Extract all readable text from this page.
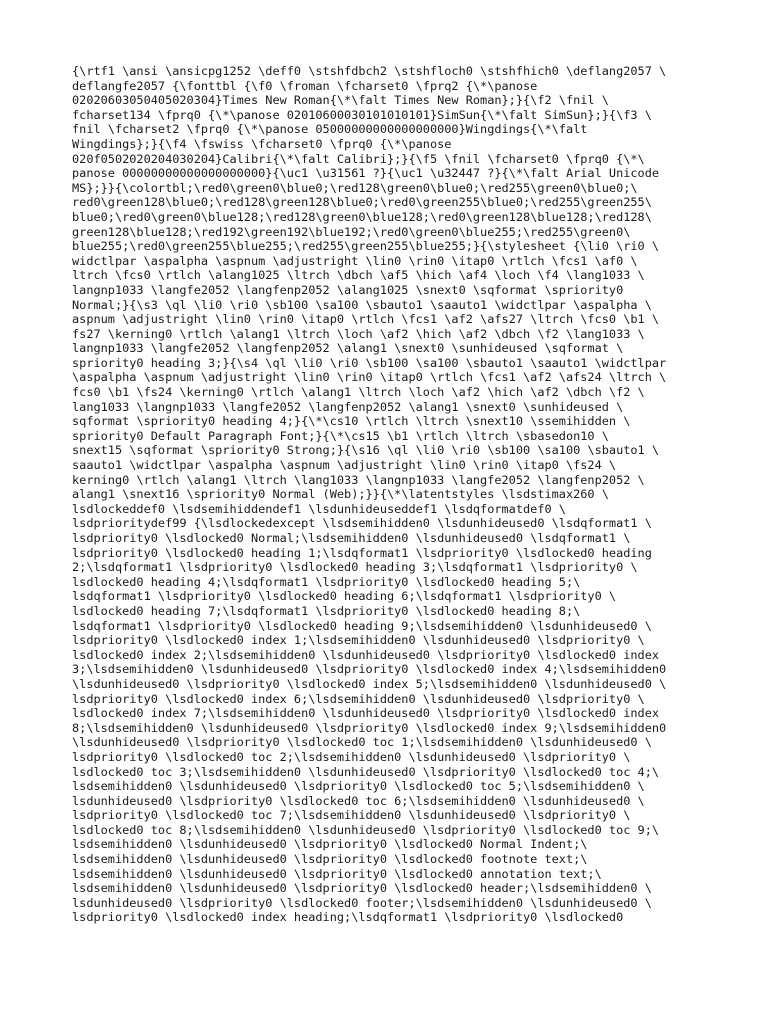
{\rtf1 \ansi \ansicpg1252 \deff0 \stshfdbch2 \stshfloch0 \stshfhich0 \deflang2057 \
deflangfe2057 {\fonttbl {\f0 \froman \fcharset0 \fprq2 {\*\panose
02020603050405020304}Times New Roman{\*\falt Times New Roman};}{\f2 \fnil \
fcharset134 \fprq0 {\*\panose 02010600030101010101}SimSun{\*\falt SimSun};}{\f3 \
fnil \fcharset2 \fprq0 {\*\panose 05000000000000000000}Wingdings{\*\falt
Wingdings};}{\f4 \fswiss \fcharset0 \fprq0 {\*\panose
020f0502020204030204}Calibri{\*\falt Calibri};}{\f5 \fnil \fcharset0 \fprq0 {\*\
panose 00000000000000000000}{\uc1 \u31561 ?}{\uc1 \u32447 ?}{\*\falt Arial Unicode
MS};}}{\colortbl;\red0\green0\blue0;\red128\green0\blue0;\red255\green0\blue0;\
red0\green128\blue0;\red128\green128\blue0;\red0\green255\blue0;\red255\green255\
blue0;\red0\green0\blue128;\red128\green0\blue128;\red0\green128\blue128;\red128\
green128\blue128;\red192\green192\blue192;\red0\green0\blue255;\red255\green0\
blue255;\red0\green255\blue255;\red255\green255\blue255;}{\stylesheet {\li0 \ri0 \
widctlpar \aspalpha \aspnum \adjustright \lin0 \rin0 \itap0 \rtlch \fcs1 \af0 \
ltrch \fcs0 \rtlch \alang1025 \ltrch \dbch \af5 \hich \af4 \loch \f4 \lang1033 \
langnp1033 \langfe2052 \langfenp2052 \alang1025 \snext0 \sqformat \spriority0
Normal;}{\s3 \ql \li0 \ri0 \sb100 \sa100 \sbauto1 \saauto1 \widctlpar \aspalpha \
aspnum \adjustright \lin0 \rin0 \itap0 \rtlch \fcs1 \af2 \afs27 \ltrch \fcs0 \b1 \
fs27 \kerning0 \rtlch \alang1 \ltrch \loch \af2 \hich \af2 \dbch \f2 \lang1033 \
langnp1033 \langfe2052 \langfenp2052 \alang1 \snext0 \sunhideused \sqformat \
spriority0 heading 3;}{\s4 \ql \li0 \ri0 \sb100 \sa100 \sbauto1 \saauto1 \widctlpar
\aspalpha \aspnum \adjustright \lin0 \rin0 \itap0 \rtlch \fcs1 \af2 \afs24 \ltrch \
fcs0 \b1 \fs24 \kerning0 \rtlch \alang1 \ltrch \loch \af2 \hich \af2 \dbch \f2 \
lang1033 \langnp1033 \langfe2052 \langfenp2052 \alang1 \snext0 \sunhideused \
sqformat \spriority0 heading 4;}{\*\cs10 \rtlch \ltrch \snext10 \ssemihidden \
spriority0 Default Paragraph Font;}{\*\cs15 \b1 \rtlch \ltrch \sbasedon10 \
snext15 \sqformat \spriority0 Strong;}{\s16 \ql \li0 \ri0 \sb100 \sa100 \sbauto1 \
saauto1 \widctlpar \aspalpha \aspnum \adjustright \lin0 \rin0 \itap0 \fs24 \
kerning0 \rtlch \alang1 \ltrch \lang1033 \langnp1033 \langfe2052 \langfenp2052 \
alang1 \snext16 \spriority0 Normal (Web);}}{\*\latentstyles \lsdstimax260 \
lsdlockeddef0 \lsdsemihiddendef1 \lsdunhideuseddef1 \lsdqformatdef0 \
lsdprioritydef99 {\lsdlockedexcept \lsdsemihidden0 \lsdunhideused0 \lsdqformat1 \
lsdpriority0 \lsdlocked0 Normal;\lsdsemihidden0 \lsdunhideused0 \lsdqformat1 \
lsdpriority0 \lsdlocked0 heading 1;\lsdqformat1 \lsdpriority0 \lsdlocked0 heading
2;\lsdqformat1 \lsdpriority0 \lsdlocked0 heading 3;\lsdqformat1 \lsdpriority0 \
lsdlocked0 heading 4;\lsdqformat1 \lsdpriority0 \lsdlocked0 heading 5;\
lsdqformat1 \lsdpriority0 \lsdlocked0 heading 6;\lsdqformat1 \lsdpriority0 \
lsdlocked0 heading 7;\lsdqformat1 \lsdpriority0 \lsdlocked0 heading 8;\
lsdqformat1 \lsdpriority0 \lsdlocked0 heading 9;\lsdsemihidden0 \lsdunhideused0 \
lsdpriority0 \lsdlocked0 index 1;\lsdsemihidden0 \lsdunhideused0 \lsdpriority0 \
lsdlocked0 index 2;\lsdsemihidden0 \lsdunhideused0 \lsdpriority0 \lsdlocked0 index
3;\lsdsemihidden0 \lsdunhideused0 \lsdpriority0 \lsdlocked0 index 4;\lsdsemihidden0
\lsdunhideused0 \lsdpriority0 \lsdlocked0 index 5;\lsdsemihidden0 \lsdunhideused0 \
lsdpriority0 \lsdlocked0 index 6;\lsdsemihidden0 \lsdunhideused0 \lsdpriority0 \
lsdlocked0 index 7;\lsdsemihidden0 \lsdunhideused0 \lsdpriority0 \lsdlocked0 index
8;\lsdsemihidden0 \lsdunhideused0 \lsdpriority0 \lsdlocked0 index 9;\lsdsemihidden0
\lsdunhideused0 \lsdpriority0 \lsdlocked0 toc 1;\lsdsemihidden0 \lsdunhideused0 \
lsdpriority0 \lsdlocked0 toc 2;\lsdsemihidden0 \lsdunhideused0 \lsdpriority0 \
lsdlocked0 toc 3;\lsdsemihidden0 \lsdunhideused0 \lsdpriority0 \lsdlocked0 toc 4;\
lsdsemihidden0 \lsdunhideused0 \lsdpriority0 \lsdlocked0 toc 5;\lsdsemihidden0 \
lsdunhideused0 \lsdpriority0 \lsdlocked0 toc 6;\lsdsemihidden0 \lsdunhideused0 \
lsdpriority0 \lsdlocked0 toc 7;\lsdsemihidden0 \lsdunhideused0 \lsdpriority0 \
lsdlocked0 toc 8;\lsdsemihidden0 \lsdunhideused0 \lsdpriority0 \lsdlocked0 toc 9;\
lsdsemihidden0 \lsdunhideused0 \lsdpriority0 \lsdlocked0 Normal Indent;\
lsdsemihidden0 \lsdunhideused0 \lsdpriority0 \lsdlocked0 footnote text;\
lsdsemihidden0 \lsdunhideused0 \lsdpriority0 \lsdlocked0 annotation text;\
lsdsemihidden0 \lsdunhideused0 \lsdpriority0 \lsdlocked0 header;\lsdsemihidden0 \
lsdunhideused0 \lsdpriority0 \lsdlocked0 footer;\lsdsemihidden0 \lsdunhideused0 \
lsdpriority0 \lsdlocked0 index heading;\lsdqformat1 \lsdpriority0 \lsdlocked0
